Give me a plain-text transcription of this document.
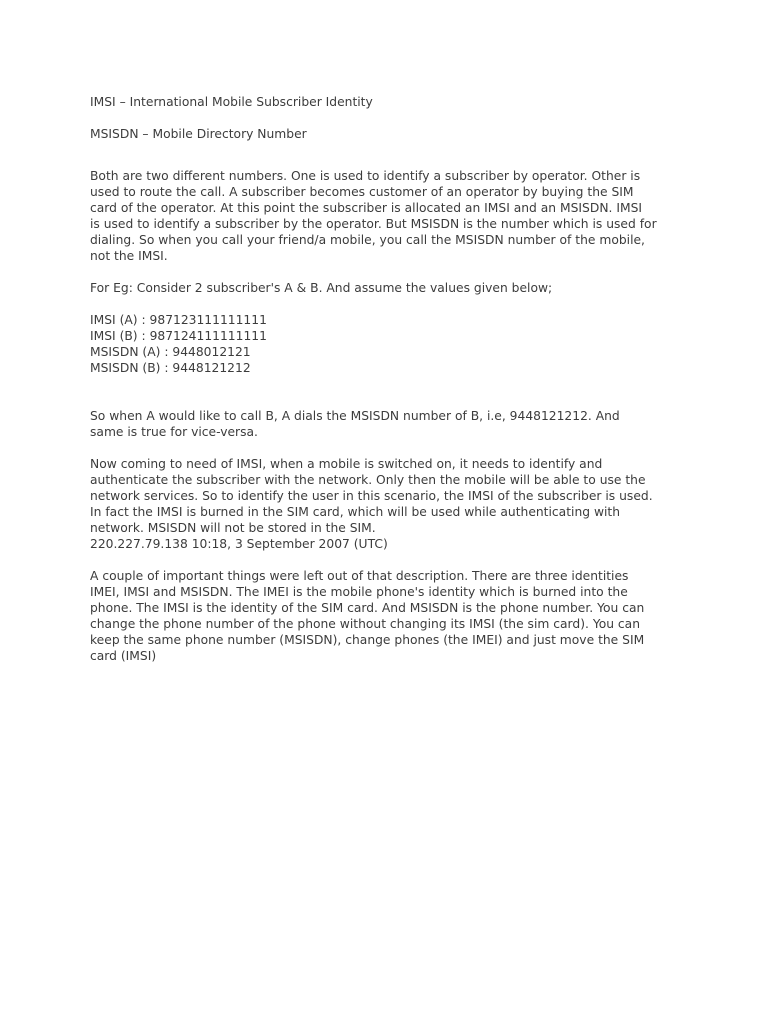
IMSI – International Mobile Subscriber Identity
MSISDN – Mobile Directory Number
Both are two different numbers. One is used to identify a subscriber by operator. Other is
used to route the call. A subscriber becomes customer of an operator by buying the SIM
card of the operator. At this point the subscriber is allocated an IMSI and an MSISDN. IMSI
is used to identify a subscriber by the operator. But MSISDN is the number which is used for
dialing. So when you call your friend/a mobile, you call the MSISDN number of the mobile,
not the IMSI.
For Eg: Consider 2 subscriber's A & B. And assume the values given below;
IMSI (A) : 987123111111111
IMSI (B) : 987124111111111
MSISDN (A) : 9448012121
MSISDN (B) : 9448121212
So when A would like to call B, A dials the MSISDN number of B, i.e, 9448121212. And
same is true for vice-versa.
Now coming to need of IMSI, when a mobile is switched on, it needs to identify and
authenticate the subscriber with the network. Only then the mobile will be able to use the
network services. So to identify the user in this scenario, the IMSI of the subscriber is used.
In fact the IMSI is burned in the SIM card, which will be used while authenticating with
network. MSISDN will not be stored in the SIM.
220.227.79.138 10:18, 3 September 2007 (UTC)
A couple of important things were left out of that description. There are three identities
IMEI, IMSI and MSISDN. The IMEI is the mobile phone's identity which is burned into the
phone. The IMSI is the identity of the SIM card. And MSISDN is the phone number. You can
change the phone number of the phone without changing its IMSI (the sim card). You can
keep the same phone number (MSISDN), change phones (the IMEI) and just move the SIM
card (IMSI)
